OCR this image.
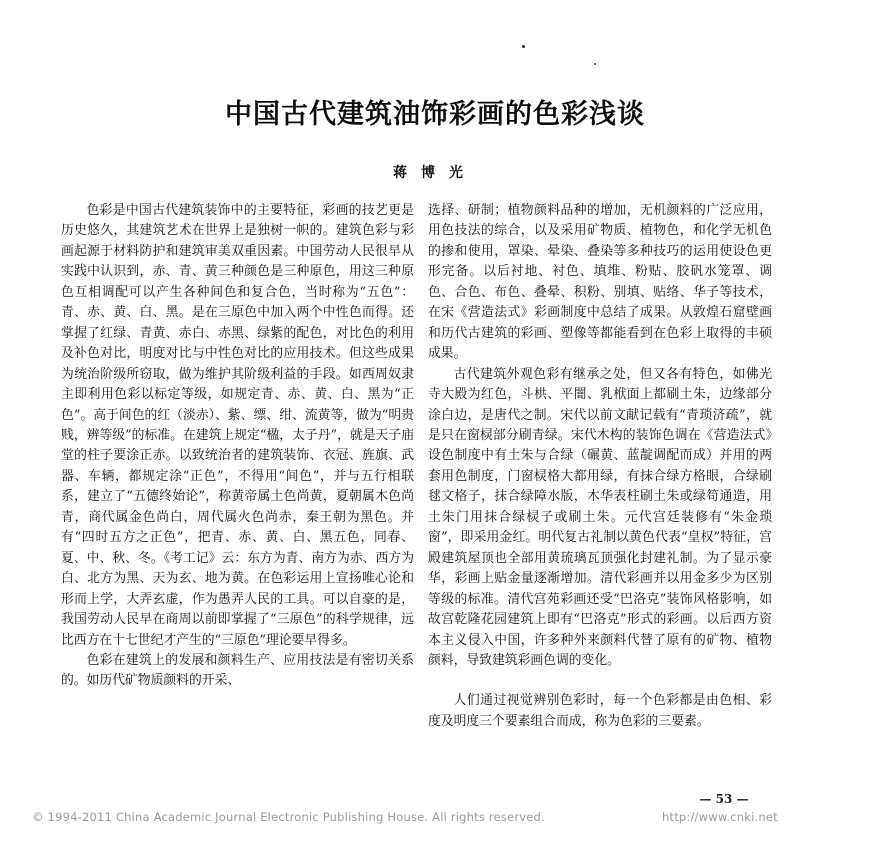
中国古代建筑油饰彩画的色彩浅谈
蒋博光

色彩是中国古代建筑装饰中的主要特征，彩画的技艺更是历史悠久，其建筑艺术在世界上是独树一帜的。建筑色彩与彩画起源于材料防护和建筑审美双重因素。中国劳动人民很早从实践中认识到，赤、青、黄三种颜色是三种原色，用这三种原色互相调配可以产生各种间色和复合色，当时称为“五色”：青、赤、黄、白、黑。是在三原色中加入两个中性色而得。还掌握了红绿、青黄、赤白、赤黑、绿紫的配色，对比色的利用及补色对比，明度对比与中性色对比的应用技术。但这些成果为统治阶级所窃取，做为维护其阶级利益的手段。如西周奴隶主即利用色彩以标定等级，如规定青、赤、黄、白、黑为“正色”。高于间色的红（淡赤）、紫、缥、绀、流黄等，做为“明贵贱，辨等级”的标准。在建筑上规定“楹，太子丹”，就是天子庙堂的柱子要涂正赤。以致统治者的建筑装饰、衣冠、旌旗、武器、车辆，都规定涂“正色”，不得用“间色”，并与五行相联系，建立了“五德终始论”，称黄帝属土色尚黄，夏朝属木色尚青，商代属金色尚白，周代属火色尚赤，秦王朝为黑色。并有“四时五方之正色”，把青、赤、黄、白、黑五色，同春、夏、中、秋、冬。《考工记》云：东方为青、南方为赤、西方为白、北方为黑、天为玄、地为黄。在色彩运用上宣扬唯心论和形而上学，大弄玄虚，作为愚弄人民的工具。可以自豪的是，我国劳动人民早在商周以前即掌握了“三原色”的科学规律，远比西方在十七世纪才产生的“三原色”理论要早得多。

色彩在建筑上的发展和颜料生产、应用技法是有密切关系的。如历代矿物质颜料的开采、

选择、研制；植物颜料品种的增加，无机颜料的广泛应用，用色技法的综合，以及采用矿物质、植物色，和化学无机色的掺和使用，罩染、晕染、叠染等多种技巧的运用使设色更形完备。以后衬地、衬色、填堆、粉贴、胶矾水笼罩、调色、合色、布色、叠晕、积粉、别填、贴络、华子等技术，在宋《营造法式》彩画制度中总结了成果。从敦煌石窟壁画和历代古建筑的彩画、塑像等都能看到在色彩上取得的丰硕成果。

古代建筑外观色彩有继承之处，但又各有特色，如佛光寺大殿为红色，斗栱、平闇、乳栿面上都刷土朱，边缘部分涂白边，是唐代之制。宋代以前文献记载有“青琐济疏”，就是只在窗棂部分刷青绿。宋代木构的装饰色调在《营造法式》设色制度中有土朱与合绿（碾黄、蓝靛调配而成）并用的两套用色制度，门窗棂格大都用绿，有抹合绿方格眼，合绿刷毬文格子，抹合绿障水版，木华表柱刷土朱或绿笱通造，用土朱门用抹合绿棂子或刷土朱。元代宫廷装修有“朱金琐窗”，即采用金红。明代复古礼制以黄色代表“皇权”特征，宫殿建筑屋顶也全部用黄琉璃瓦顶强化封建礼制。为了显示豪华，彩画上贴金量逐渐增加。清代彩画并以用金多少为区别等级的标准。清代宫苑彩画还受“巴洛克”装饰风格影响，如故宫乾隆花园建筑上即有“巴洛克”形式的彩画。以后西方资本主义侵入中国，许多种外来颜料代替了原有的矿物、植物颜料，导致建筑彩画色调的变化。

人们通过视觉辨别色彩时，每一个色彩都是由色相、彩度及明度三个要素组合而成，称为色彩的三要素。

— 53 —
© 1994-2011 China Academic Journal Electronic Publishing House. All rights reserved.	http://www.cnki.net
